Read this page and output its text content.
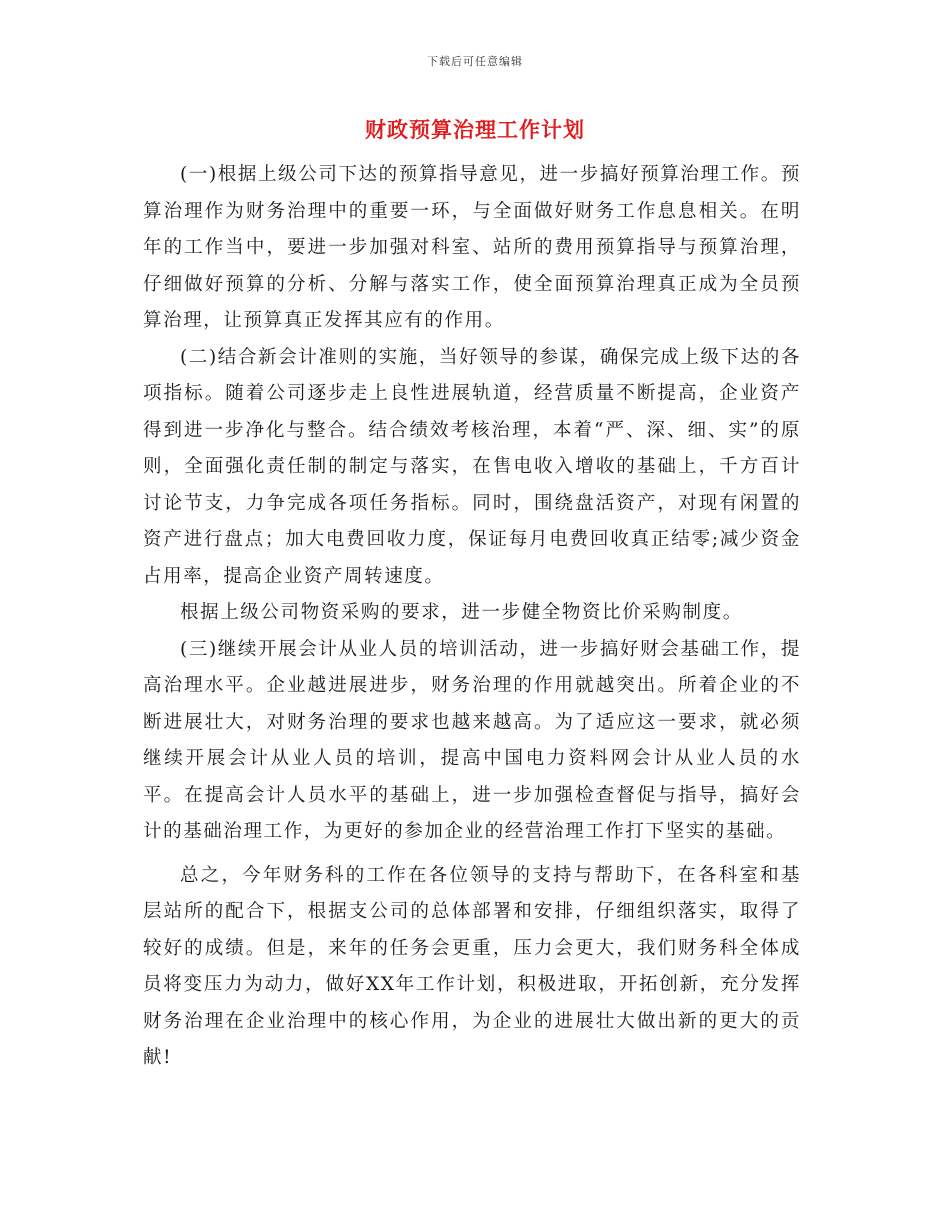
下载后可任意编辑
财政预算治理工作计划

(一)根据上级公司下达的预算指导意见，进一步搞好预算治理工作。预算治理作为财务治理中的重要一环，与全面做好财务工作息息相关。在明年的工作当中，要进一步加强对科室、站所的费用预算指导与预算治理，仔细做好预算的分析、分解与落实工作，使全面预算治理真正成为全员预算治理，让预算真正发挥其应有的作用。

(二)结合新会计准则的实施，当好领导的参谋，确保完成上级下达的各项指标。随着公司逐步走上良性进展轨道，经营质量不断提高，企业资产得到进一步净化与整合。结合绩效考核治理，本着“严、深、细、实”的原则，全面强化责任制的制定与落实，在售电收入增收的基础上，千方百计讨论节支，力争完成各项任务指标。同时，围绕盘活资产，对现有闲置的资产进行盘点；加大电费回收力度，保证每月电费回收真正结零;减少资金占用率，提高企业资产周转速度。

根据上级公司物资采购的要求，进一步健全物资比价采购制度。

(三)继续开展会计从业人员的培训活动，进一步搞好财会基础工作，提高治理水平。企业越进展进步，财务治理的作用就越突出。所着企业的不断进展壮大，对财务治理的要求也越来越高。为了适应这一要求，就必须继续开展会计从业人员的培训，提高中国电力资料网会计从业人员的水平。在提高会计人员水平的基础上，进一步加强检查督促与指导，搞好会计的基础治理工作，为更好的参加企业的经营治理工作打下坚实的基础。

总之，今年财务科的工作在各位领导的支持与帮助下，在各科室和基层站所的配合下，根据支公司的总体部署和安排，仔细组织落实，取得了较好的成绩。但是，来年的任务会更重，压力会更大，我们财务科全体成员将变压力为动力，做好XX年工作计划，积极进取，开拓创新，充分发挥财务治理在企业治理中的核心作用，为企业的进展壮大做出新的更大的贡献!
